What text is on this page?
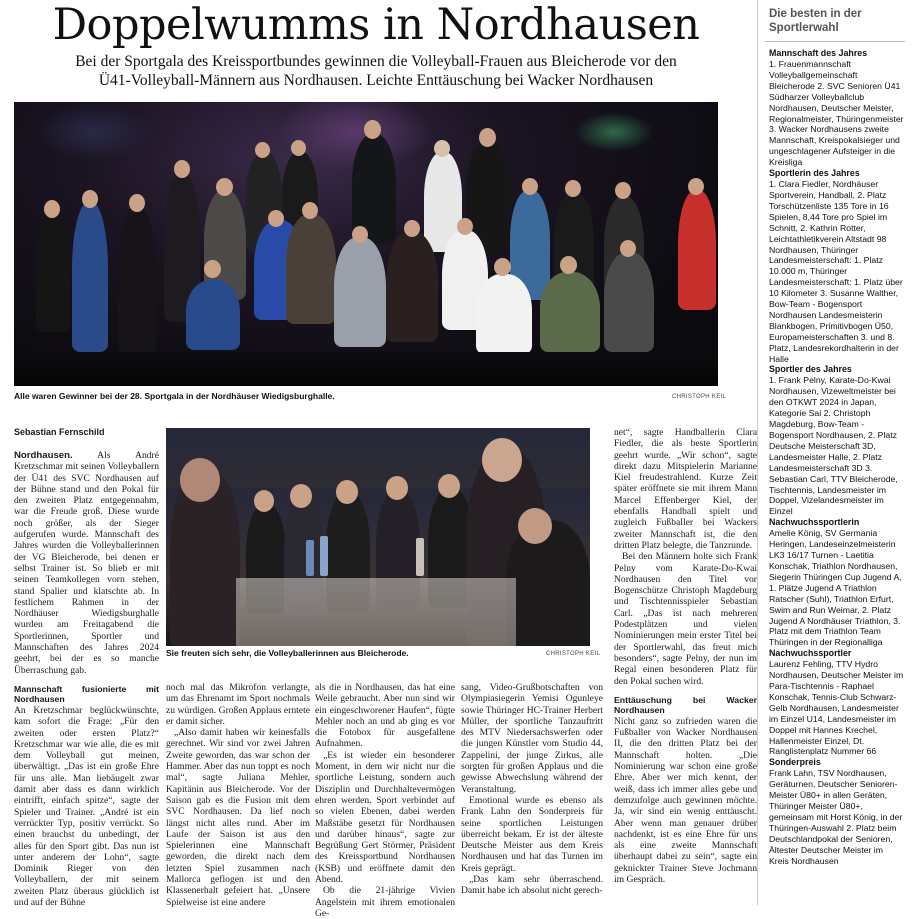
Doppelwumms in Nordhausen
Bei der Sportgala des Kreissportbundes gewinnen die Volleyball-Frauen aus Bleicherode vor den Ü41-Volleyball-Männern aus Nordhausen. Leichte Enttäuschung bei Wacker Nordhausen
Alle waren Gewinner bei der 28. Sportgala in der Nordhäuser Wiedigsburghalle.	CHRISTOPH KEIL
Sebastian Fernschild

Nordhausen. Als André Kretzschmar mit seinen Volleyballern der Ü41 des SVC Nordhausen auf der Bühne stand und den Pokal für den zweiten Platz entgegennahm, war die Freude groß. Diese wurde noch größer, als der Sieger aufgerufen wurde. Mannschaft des Jahres wurden die Volleyballerinnen der VG Bleicherode, bei denen er selbst Trainer ist. So blieb er mit seinen Teamkollegen vorn stehen, stand Spalier und klatschte ab. In festlichem Rahmen in der Nordhäuser Wiedigsburghalle wurden am Freitagabend die Sportlerinnen, Sportler und Mannschaften des Jahres 2024 geehrt, bei der es so manche Überraschung gab.

Mannschaft fusionierte mit Nordhausen

An Kretzschmar beglückwünschte, kam sofort die Frage: „Für den zweiten oder ersten Platz?“ Kretzschmar war wie alle, die es mit dem Volleyball gut meinen, überwältigt. „Das ist ein große Ehre für uns alle. Man liebäugelt zwar damit aber dass es dann wirklich eintrifft, einfach spitze“, sagte der Spieler und Trainer. „André ist ein verrückter Typ, positiv verrückt. So einen brauchst du unbedingt, der alles für den Sport gibt. Das nun ist unter anderem der Lohn“, sagte Dominik Rieger von den Volleyballern, der mit seinem zweiten Platz überaus glücklich ist und auf der Bühne

Sie freuten sich sehr, die Volleyballerinnen aus Bleicherode.	CHRISTOPH KEIL

noch mal das Mikrofon verlangte, um das Ehrenamt im Sport nochmals zu würdigen. Großen Applaus erntete er damit sicher.

„Also damit haben wir keinesfalls gerechnet. Wir sind vor zwei Jahren Zweite geworden, das war schon der Hammer. Aber das nun toppt es noch mal“, sagte Juliana Mehler, Kapitänin aus Bleicherode. Vor der Saison gab es die Fusion mit dem SVC Nordhausen. Da lief noch längst nicht alles rund. Aber im Laufe der Saison ist aus den Spielerinnen eine Mannschaft geworden, die direkt nach dem letzten Spiel zusammen nach Mallorca geflogen ist und den Klassenerhalt gefeiert hat. „Unsere Spielweise ist eine andere

als die in Nordhausen, das hat eine Weile gebraucht. Aber nun sind wir ein eingeschworener Haufen“, fügte Mehler noch an und ab ging es vor die Fotobox für ausgefallene Aufnahmen.

„Es ist wieder ein besonderer Moment, in dem wir nicht nur die sportliche Leistung, sondern auch Disziplin und Durchhaltevermögen ehren werden. Sport verbindet auf so vielen Ebenen, dabei werden Maßstäbe gesetzt für Nordhausen und darüber hinaus“, sagte zur Begrüßung Gert Störmer, Präsident des Kreissportbund Nordhausen (KSB) und eröffnete damit den Abend.

Ob die 21-jährige Vivien Angelstein mit ihrem emotionalen Ge-

sang, Video-Grußbotschaften von Olympiasiegerin Yemisi Ogunleye sowie Thüringer HC-Trainer Herbert Müller, der sportliche Tanzauftritt des MTV Niedersachswerfen oder die jungen Künstler vom Studio 44, Zappelini, der junge Zirkus, alle sorgten für großen Applaus und die gewisse Abwechslung während der Veranstaltung.

Emotional wurde es ebenso als Frank Lahn den Sonderpreis für seine sportlichen Leistungen überreicht bekam. Er ist der älteste Deutsche Meister aus dem Kreis Nordhausen und hat das Turnen im Kreis geprägt.

„Das kam sehr überraschend. Damit habe ich absolut nicht gerech-

net“, sagte Handballerin Clara Fiedler, die als beste Sportlerin geehrt wurde. „Wir schon“, sagte direkt dazu Mitspielerin Marianne Kiel freudestrahlend. Kurze Zeit später eröffnete sie mit ihrem Mann Marcel Effenberger Kiel, der ebenfalls Handball spielt und zugleich Fußballer bei Wackers zweiter Mannschaft ist, die den dritten Platz belegte, die Tanzrunde.

Bei den Männern holte sich Frank Pelny vom Karate-Do-Kwai Nordhausen den Titel vor Bogenschütze Christoph Magdeburg und Tischtennisspieler Sebastian Carl. „Das ist nach mehreren Podestplätzen und vielen Nominierungen mein erster Titel bei der Sportlerwahl, das freut mich besonders“, sagte Pelny, der nun im Regal einen besonderen Platz für den Pokal suchen wird.

Enttäuschung bei Wacker Nordhausen

Nicht ganz so zufrieden waren die Fußballer von Wacker Nordhausen II, die den dritten Platz bei der Mannschaft holten. „Die Nominierung war schon eine große Ehre. Aber wer mich kennt, der weiß, dass ich immer alles gebe und demzufolge auch gewinnen möchte. Ja, wir sind ein wenig enttäuscht. Aber wenn man genauer drüber nachdenkt, ist es eine Ehre für uns als eine zweite Mannschaft überhaupt dabei zu sein“, sagte ein geknickter Trainer Steve Jochmann im Gespräch.

Die besten in der Sportlerwahl
Mannschaft des Jahres

1. Frauenmannschaft Volleyballgemeinschaft Bleicherode 2. SVC Senioren Ü41 Südharzer Volleyballclub Nordhausen, Deutscher Meister, Regionalmeister, Thüringenmeister 3. Wacker Nordhausens zweite Mannschaft, Kreispokalsieger und ungeschlagener Aufsteiger in die Kreisliga

Sportlerin des Jahres

1. Clara Fiedler, Nordhäuser Sportverein, Handball, 2. Platz Torschützenliste 135 Tore in 16 Spielen, 8,44 Tore pro Spiel im Schnitt, 2. Kathrin Rotter, Leichtathletikverein Altstadt 98 Nordhausen, Thüringer Landesmeisterschaft: 1. Platz 10.000 m, Thüringer Landesmeisterschaft: 1. Platz über 10 Kilometer 3. Susanne Walther, Bow-Team - Bogensport Nordhausen Landesmeisterin Blankbogen, Primitivbogen Ü50, Europameisterschaften 3. und 8. Platz, Landesrekordhalterin in der Halle

Sportler des Jahres

1. Frank Pelny, Karate-Do-Kwai Nordhausen, Vizeweltmeister bei den OTKWT 2024 in Japan, Kategorie Sai 2. Christoph Magdeburg, Bow-Team - Bogensport Nordhausen, 2. Platz Deutsche Meisterschaft 3D, Landesmeister Halle, 2. Platz Landesmeisterschaft 3D 3. Sebastian Carl, TTV Bleicherode, Tischtennis, Landesmeister im Doppel, Vizelandesmeister im Einzel

Nachwuchssportlerin

Amelie König, SV Germania Heringen, Landeseinzelmeisterin LK3 16/17 Turnen - Laetitia Konschak, Triathlon Nordhausen, Siegerin Thüringen Cup Jugend A, 1. Plätze Jugend A Triathlon Ratscher (Suhl), Triathlon Erfurt, Swim and Run Weimar, 2. Platz Jugend A Nordhäuser Triathlon, 3. Platz mit dem Triathlon Team Thüringen in der Regionalliga

Nachwuchssportler

Laurenz Fehling, TTV Hydro Nordhausen, Deutscher Meister im Para-Tischtennis - Raphael Konschak, Tennis-Club Schwarz-Gelb Nordhausen, Landesmeister im Einzel U14, Landesmeister im Doppel mit Hannes Krechel, Hallenmeister Einzel, Dt. Ranglistenplatz Nummer 66

Sonderpreis

Frank Lahn, TSV Nordhausen, Geräturnen, Deutscher Senioren-Meister Ü80+ in allen Geräten, Thüringer Meister Ü80+, gemeinsam mit Horst König, in der Thüringen-Auswahl 2. Platz beim Deutschlandpokal der Senioren, Ältester Deutscher Meister im Kreis Nordhausen
